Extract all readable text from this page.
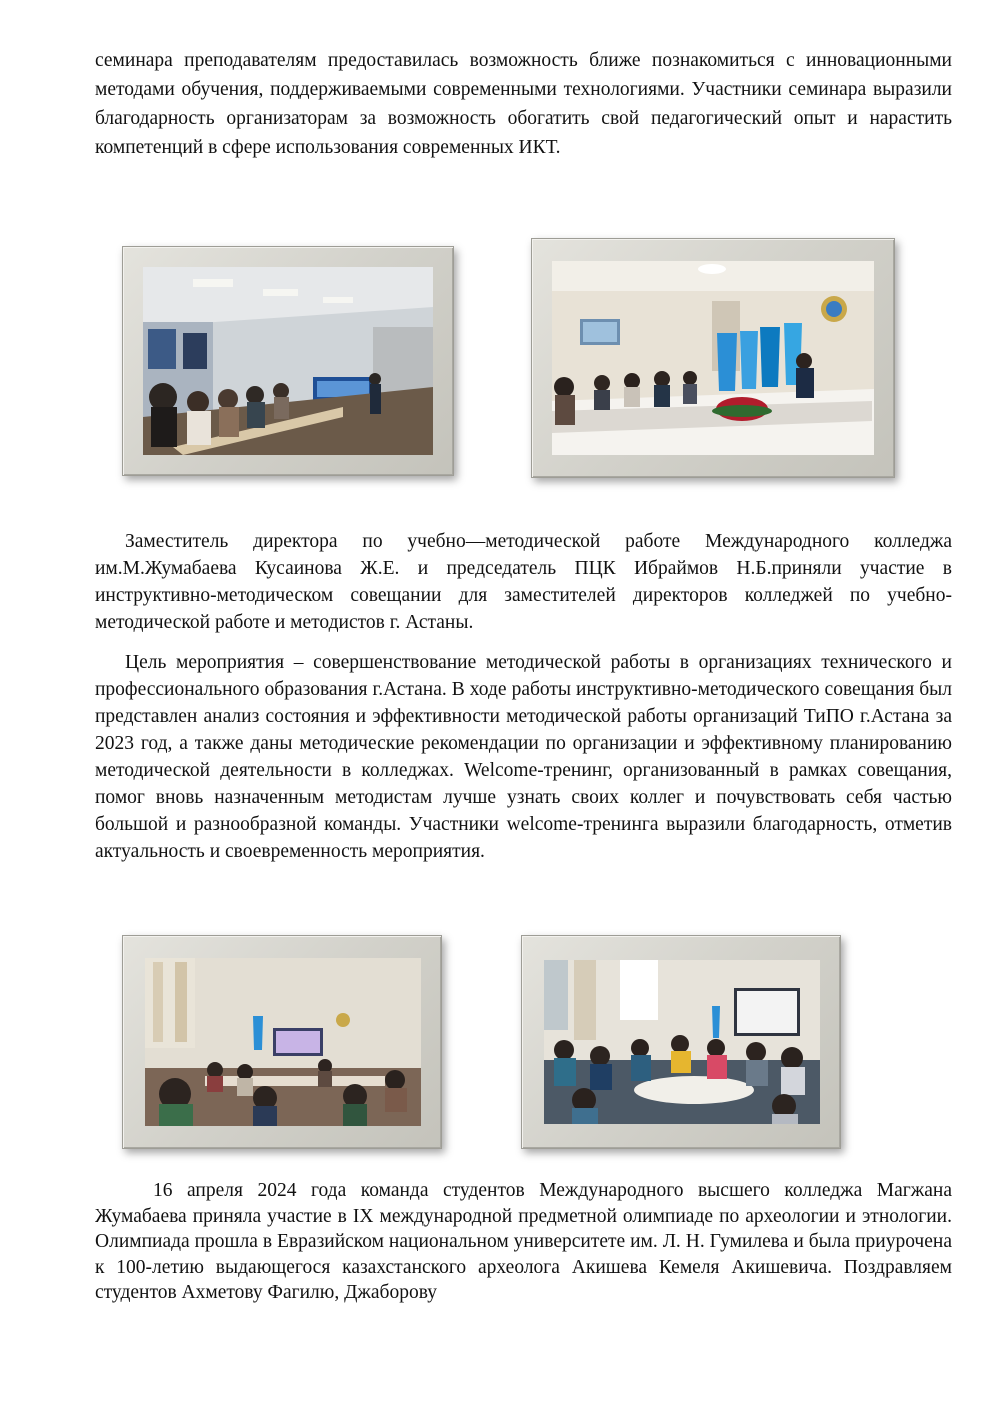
семинара преподавателям предоставилась возможность ближе познакомиться с инновационными методами обучения, поддерживаемыми современными технологиями. Участники семинара выразили благодарность организаторам за возможность обогатить свой педагогический опыт и нарастить компетенций в сфере использования современных ИКТ.

Заместитель директора по учебно—методической работе Международного колледжа им.М.Жумабаева Кусаинова Ж.Е. и председатель ПЦК Ибраймов Н.Б.приняли участие в инструктивно-методическом совещании для заместителей директоров колледжей по учебно-методической работе и методистов г. Астаны.

Цель мероприятия – совершенствование методической работы в организациях технического и профессионального образования г.Астана. В ходе работы инструктивно-методического совещания был представлен анализ состояния и эффективности методической работы организаций ТиПО г.Астана за 2023 год, а также даны методические рекомендации по организации и эффективному планированию методической деятельности в колледжах. Welcome-тренинг, организованный в рамках совещания, помог вновь назначенным методистам лучше узнать своих коллег и почувствовать себя частью большой и разнообразной команды. Участники welcome-тренинга выразили благодарность, отметив актуальность и своевременность мероприятия.

16 апреля 2024 года команда студентов Международного высшего колледжа Магжана Жумабаева приняла участие в IX международной предметной олимпиаде по археологии и этнологии. Олимпиада прошла в Евразийском национальном университете им. Л. Н. Гумилева и была приурочена к 100-летию выдающегося казахстанского археолога Акишева Кемеля Акишевича. Поздравляем студентов Ахметову Фагилю, Джаборову
